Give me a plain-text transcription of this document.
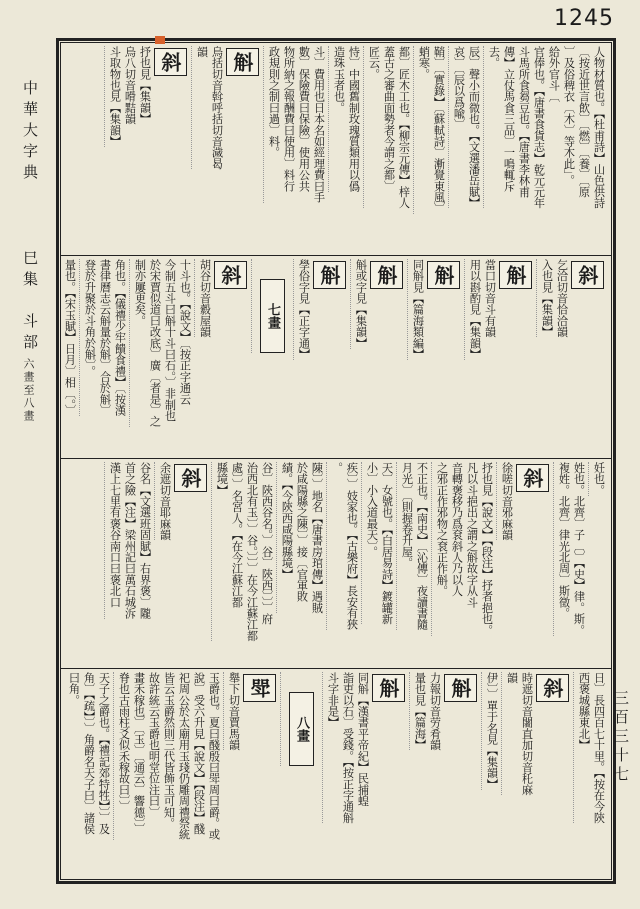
1245
中華大字典
巳集　斗部
六畫至八畫
三百三十七
人物材質也。【杜甫詩】山色供詩
〔按近世言飲〕〔燃〕〔養〕〔原
〕及俗稗衣〔木〕等木此」。
給外官斗〔
官俸也。【唐書食貨志】乾元元年
斗馬所食芻豆也。【唐書李林甫
傳】立仗馬食三品〕一鳴輒斥
去。
辰〕聲小而微也。【文選潘岳賦】
哀〕〔辰以爲喩〕
鞘〕〔實錄】〔蘇軾詩〕漸覺東風〕
蛸寒。
都〕匠木工也。【柳宗元傳】梓人
蓋古之審曲面勢者今謂之都〕
匠云。
恃〕中國舊制玫瑰質類用以僞
造珠玉者也。
斗〕費用也日本名如經理費曰手
數〕保險費曰保險〕使用公共
物所納之報酬費曰使用〕料行
政規則之制曰過〕料。
斛
烏括切音斡呼括切音濊曷
韻
斜
抒也見【集韻】
烏八切音嗗黠韻
斗取物也見【集韻】
斜
乞洽切音恰洽韻
入也見【集韻】
斛
當口切音斗有韻
用以斟酌見【集韻】
斛
同斛見【篇海類編】
斛
斛或字見【集韻】
斛
學俗字見【正字通】
七畫
斜
胡谷切音縠屋韻
十斗也。【說文】〔按正字通云
今制五斗曰斛十斗曰石。〕非制也
於宋賈似道曰改底〕廣〔者是〕之
制亦屢更矣。
角也。【儀禮少牢饋食禮】〔按漢
書律曆志云斛量於斛〕合於斛〕
登於升聚於斗角於斛〕。
量也。【宋玉賦】日月〕相〔。〕
妊也。
姓也。北齊〕子〔〕【史】律。斯。
複姓。北齊〕律光北周〕斯徵。
斜
徐嗟切音邪麻韻
抒也見【說文】【段注】抒者挹也。
凡以斗挹出之謂之斛故字从斗
音轉褒移乃爲袞斜人乃以人
之邪正作邪物之袞正作斛。
不正也。【南史】〔沁傳〕夜讀書隨
月光〕〔則握卷升屋。
天〕女號也。【白居易詩】鍍罐新
小〕小入道最天〕。
疾〕〕妓家也。【古樂府】長安有狹
。
陳〕〕地名【唐書房琯傳】遇賊
於咸陽縣之陳〕〕接〔官軍敗
績。【今陝西咸陽縣境】
谷〕陝西谷名。〕谷〕陝西〕〕〕府
治西北有玉〕〕谷。〕〕〕在今江蘇江都
處〕〕名宮人。【在今江蘇江都
縣境】
斜
余遮切音耶麻韻
谷名【文選班固賦】右界褒〕隴
首之險【注】梁州記曰萬石城泝
漢上七里有褒谷南口曰褒北口
日〕長四百七十里。【按在今陝
西褒城縣東北】
斜
時遮切音闍直加切音秅麻
韻
伊〕〕單于名見【集韻】
斛
力報切音劳肴韻
量也見【篇海】
斛
同斛【漢書平帝紀】民捕蝗
詣吏以石〕受錢。【按正字通斛
斗字非是】
八畫
斝
舉下切音賈馬韻
玉爵也。夏曰醆殷曰斝周曰爵。或
說〕受六升見【說文】【段注】醆
祀周公於太廟用玉琖仍雕周禮祭統
皆云玉爵然則三代皆飾玉可知。
故許統云玉爵也明堂位注曰〕
畫禾稼也〕〔玉〕〔通云〕響德〕〕
脊也古雨柱爻似禾稼故曰〕〕
天子之爵也。【禮記郊特牲】〕〕及
角〕【疏】〕〕角爵名天子曰〕諸侯
曰角。
